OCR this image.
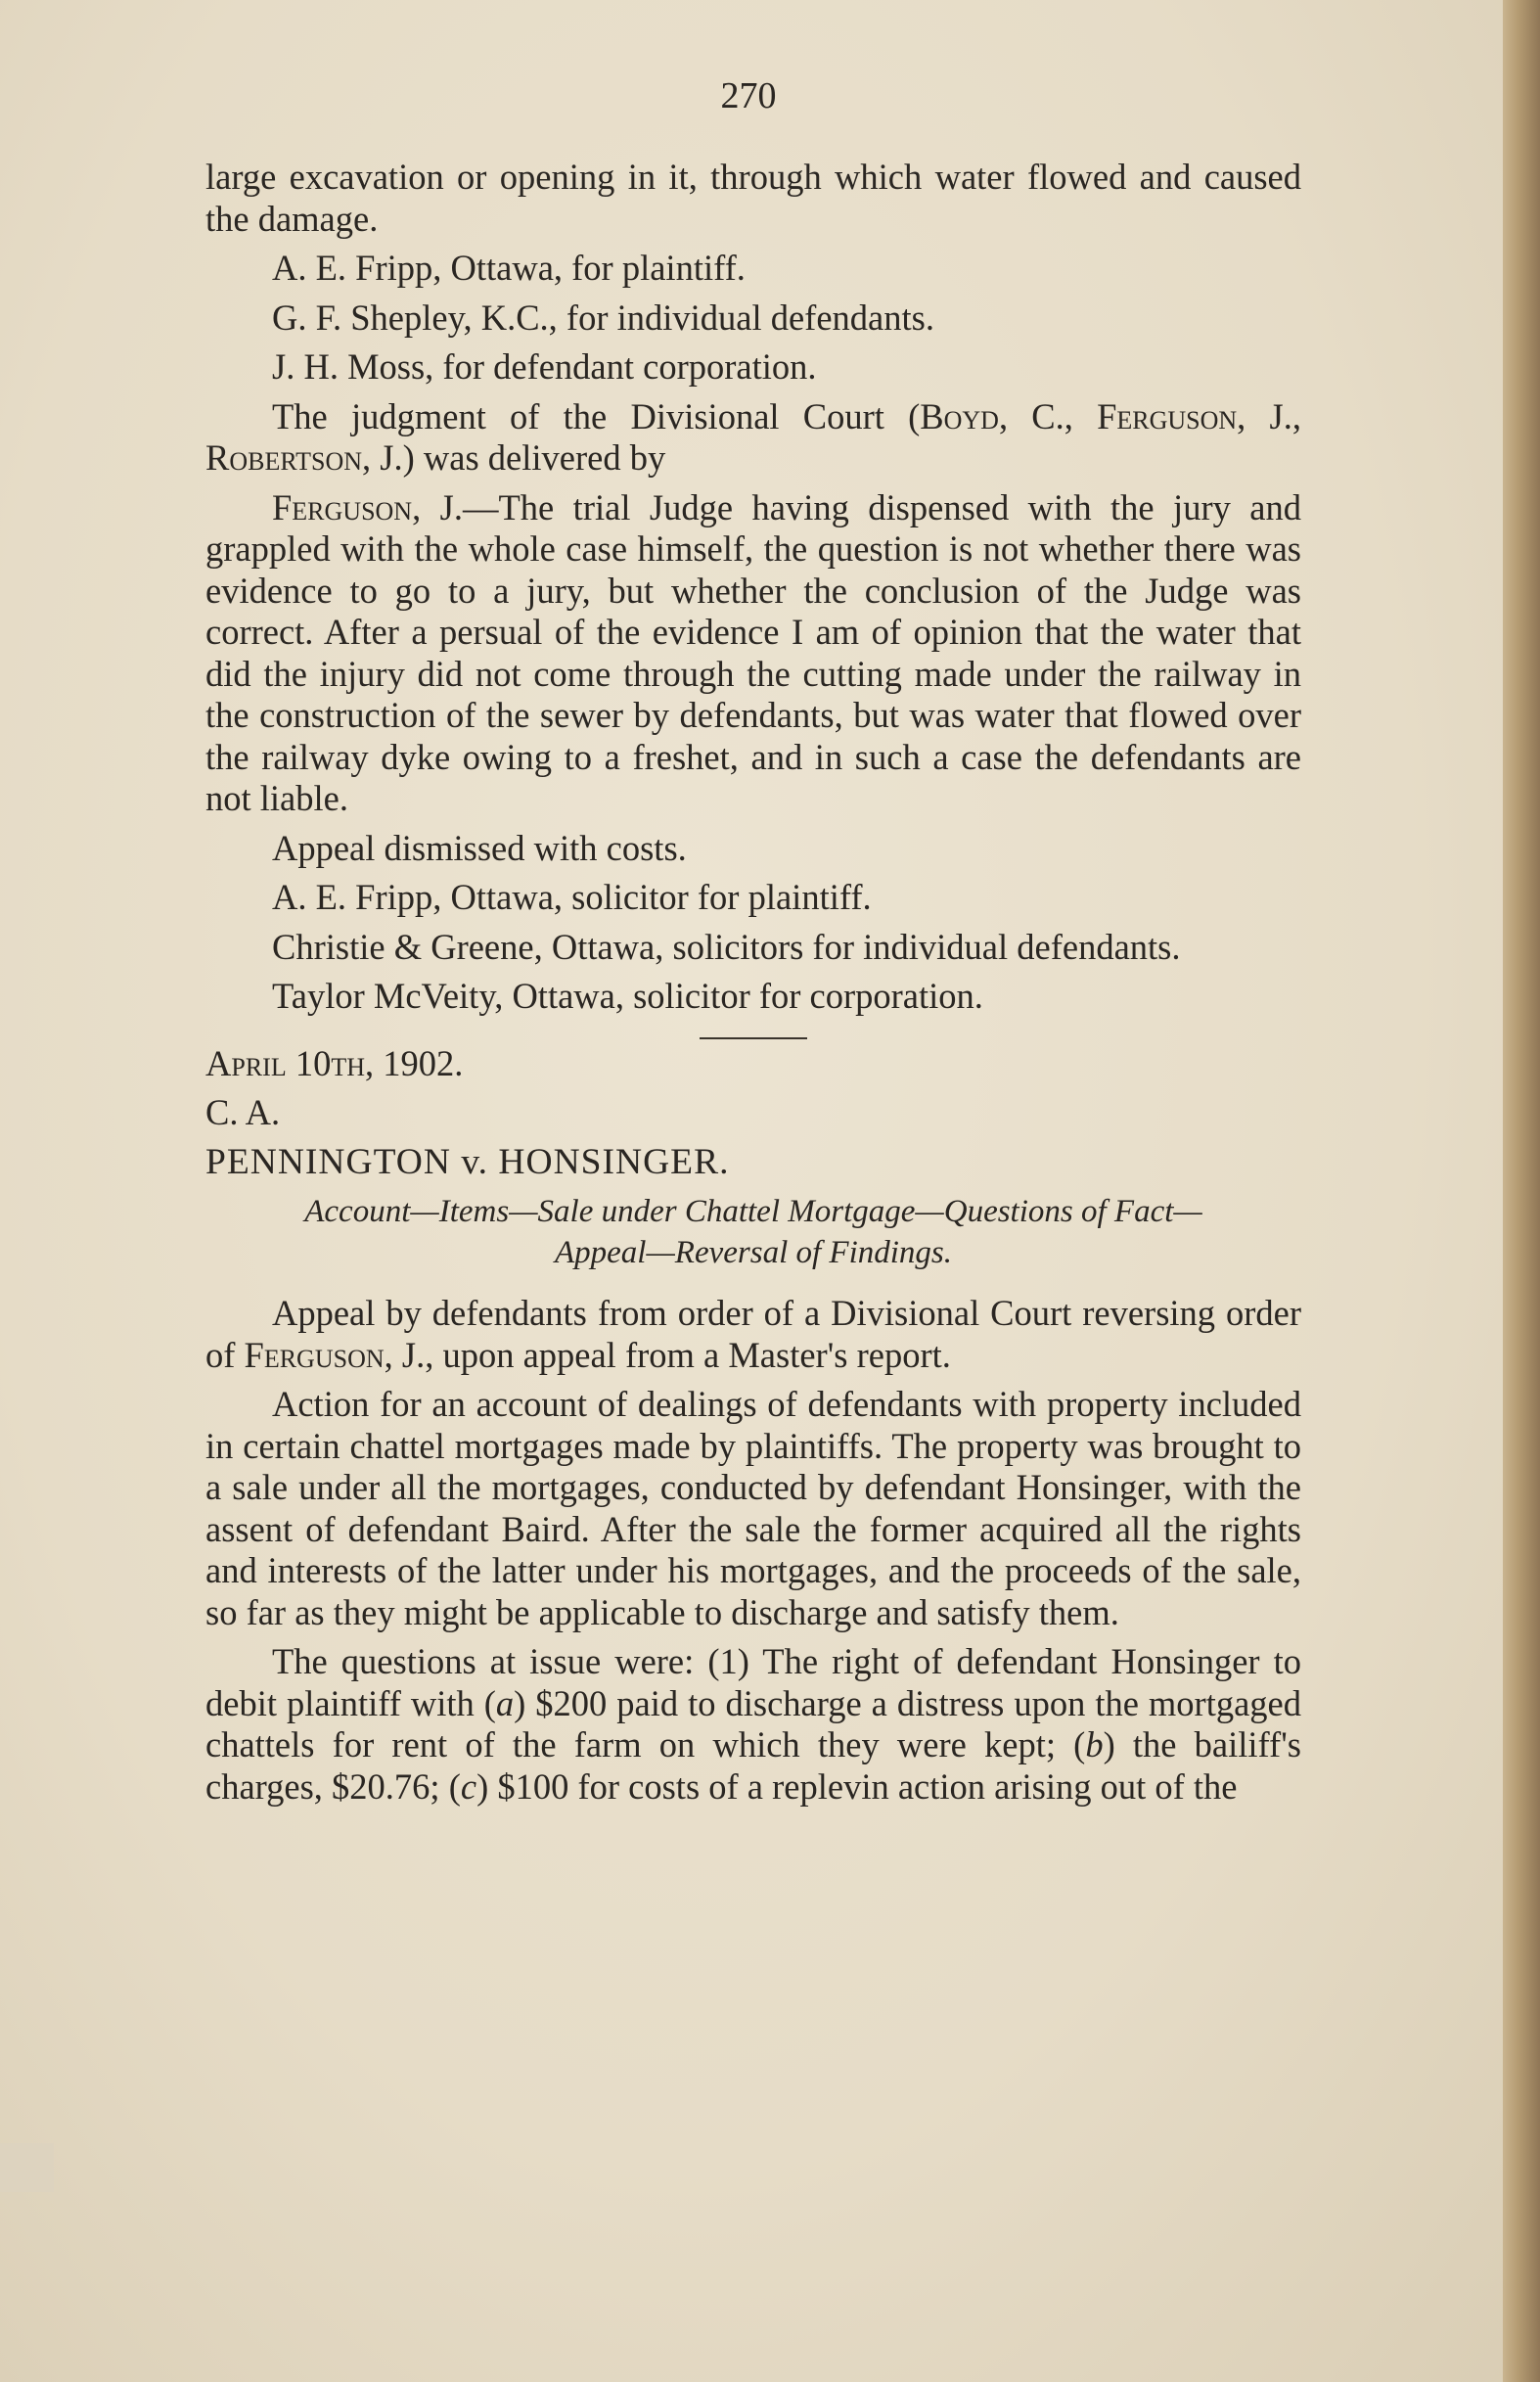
270

large excavation or opening in it, through which water flowed and caused the damage.

A. E. Fripp, Ottawa, for plaintiff.

G. F. Shepley, K.C., for individual defendants.

J. H. Moss, for defendant corporation.

The judgment of the Divisional Court (Boyd, C., Ferguson, J., Robertson, J.) was delivered by

Ferguson, J.—The trial Judge having dispensed with the jury and grappled with the whole case himself, the question is not whether there was evidence to go to a jury, but whether the conclusion of the Judge was correct. After a persual of the evidence I am of opinion that the water that did the injury did not come through the cutting made under the railway in the construction of the sewer by defendants, but was water that flowed over the railway dyke owing to a freshet, and in such a case the defendants are not liable.

Appeal dismissed with costs.

A. E. Fripp, Ottawa, solicitor for plaintiff.

Christie & Greene, Ottawa, solicitors for individual defendants.

Taylor McVeity, Ottawa, solicitor for corporation.

April 10th, 1902.

C. A.

PENNINGTON v. HONSINGER.

Account—Items—Sale under Chattel Mortgage—Questions of Fact—
Appeal—Reversal of Findings.

Appeal by defendants from order of a Divisional Court reversing order of Ferguson, J., upon appeal from a Master's report.

Action for an account of dealings of defendants with property included in certain chattel mortgages made by plaintiffs. The property was brought to a sale under all the mortgages, conducted by defendant Honsinger, with the assent of defendant Baird. After the sale the former acquired all the rights and interests of the latter under his mortgages, and the proceeds of the sale, so far as they might be applicable to discharge and satisfy them.

The questions at issue were: (1) The right of defendant Honsinger to debit plaintiff with (a) $200 paid to discharge a distress upon the mortgaged chattels for rent of the farm on which they were kept; (b) the bailiff's charges, $20.76; (c) $100 for costs of a replevin action arising out of the
